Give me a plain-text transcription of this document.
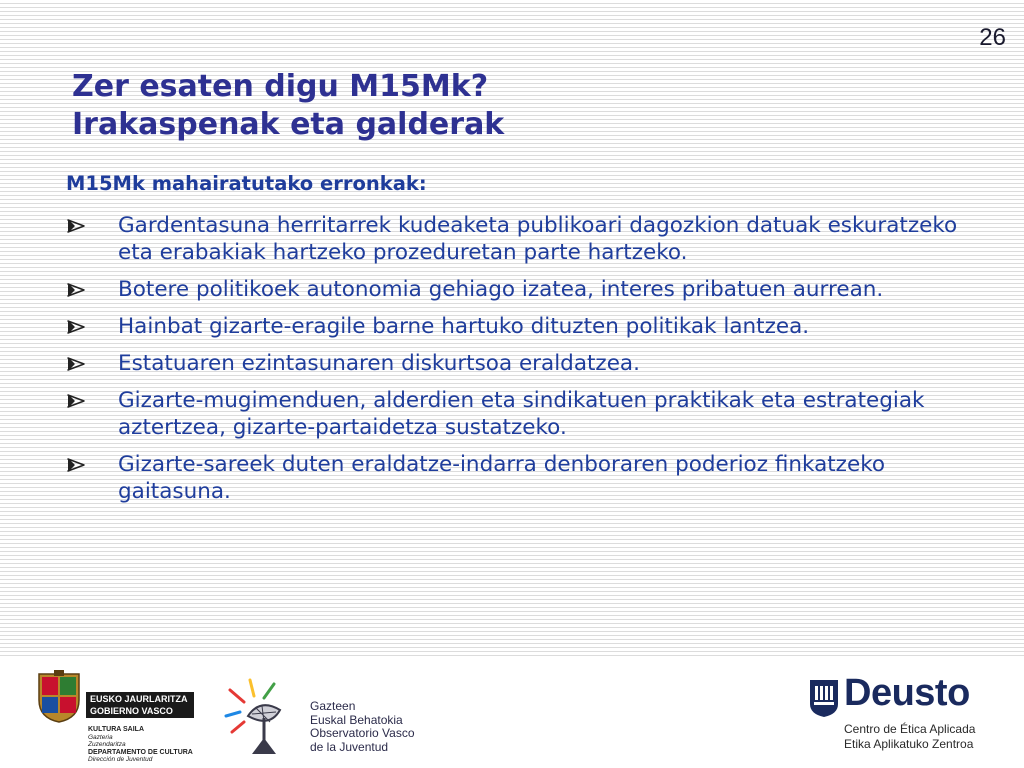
26
Zer esaten digu M15Mk?
Irakaspenak eta galderak
M15Mk mahairatutako erronkak:
Gardentasuna herritarrek kudeaketa publikoari dagozkion datuak eskuratzeko eta erabakiak hartzeko prozeduretan parte hartzeko.
Botere politikoek autonomia gehiago izatea, interes pribatuen aurrean.
Hainbat gizarte-eragile barne hartuko dituzten politikak lantzea.
Estatuaren ezintasunaren diskurtsoa eraldatzea.
Gizarte-mugimenduen, alderdien eta sindikatuen praktikak eta estrategiak aztertzea, gizarte-partaidetza sustatzeko.
Gizarte-sareek duten eraldatze-indarra denboraren poderioz finkatzeko gaitasuna.
EUSKO JAURLARITZA
GOBIERNO VASCO
KULTURA SAILA
Gazteria
Zuzendaritza
DEPARTAMENTO DE CULTURA
Dirección de Juventud
Gazteen
Euskal Behatokia
Observatorio Vasco
de la Juventud
Deusto
Centro de Ética Aplicada
Etika Aplikatuko Zentroa
